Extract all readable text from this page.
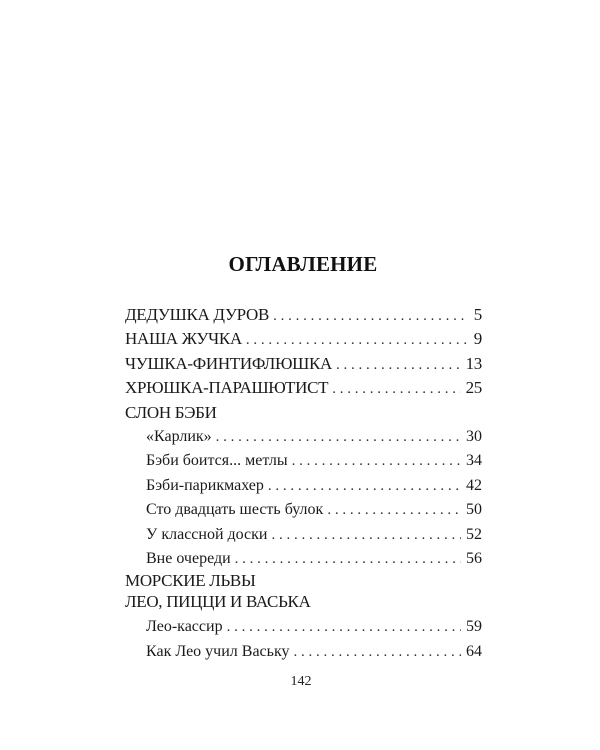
ОГЛАВЛЕНИЕ
ДЕДУШКА ДУРОВ . . .	5
НАША ЖУЧКА . . .	9
ЧУШКА-ФИНТИФЛЮШКА . . .	13
ХРЮШКА-ПАРАШЮТИСТ . . .	25
СЛОН БЭБИ
«Карлик» . . .	30
Бэби боится... метлы . . .	34
Бэби-парикмахер . . .	42
Сто двадцать шесть булок . . .	50
У классной доски . . .	52
Вне очереди . . .	56
МОРСКИЕ ЛЬВЫ
ЛЕО, ПИЦЦИ И ВАСЬКА
Лео-кассир . . .	59
Как Лео учил Ваську . . .	64
142
